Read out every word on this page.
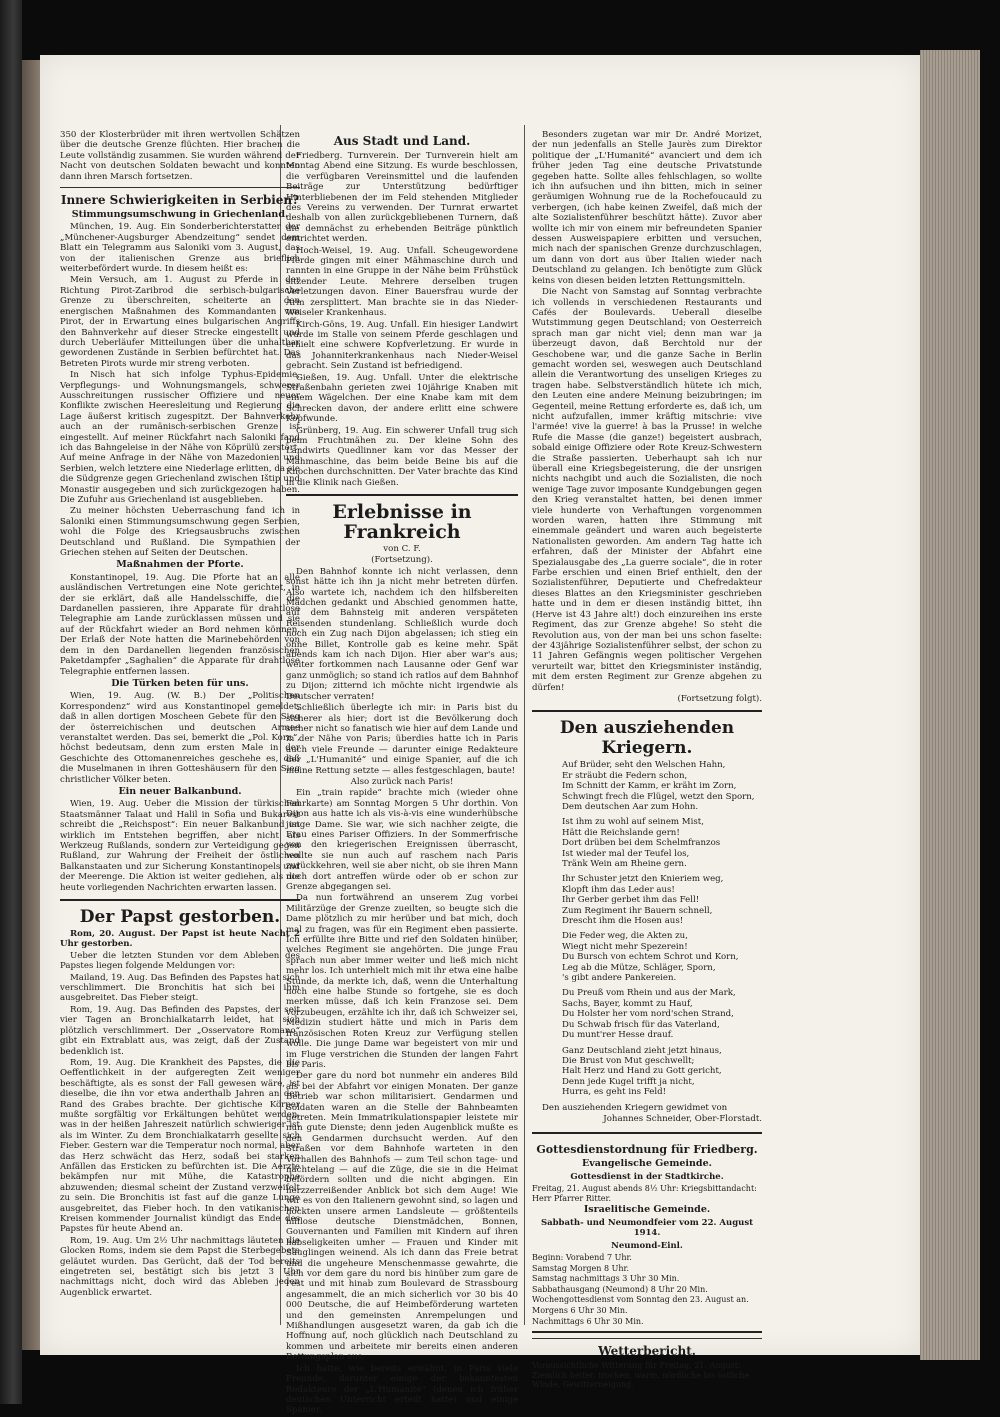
350 der Klosterbrüder mit ihren wertvollen Schätzen über die deutsche Grenze flüchten. Hier brachen die Leute vollständig zusammen. Sie wurden während der Nacht von deutschen Soldaten bewacht und konnten dann ihren Marsch fortsetzen.

Innere Schwierigkeiten in Serbien?
Stimmungsumschwung in Griechenland.

München, 19. Aug. Ein Sonderberichterstatter der „Münchener-Augsburger Abendzeitung“ sendet dem Blatt ein Telegramm aus Saloniki vom 3. August, das von der italienischen Grenze aus brieflich weiterbefördert wurde. In diesem heißt es:

Mein Versuch, am 1. August zu Pferde in der Richtung Pirot-Zaribrod die serbisch-bulgarische Grenze zu überschreiten, scheiterte an den energischen Maßnahmen des Kommandanten von Pirot, der in Erwartung eines bulgarischen Angriffs den Bahnverkehr auf dieser Strecke eingestellt und durch Ueberläufer Mitteilungen über die unhaltbar gewordenen Zustände in Serbien befürchtet hat. Das Betreten Pirots wurde mir streng verboten.

In Nisch hat sich infolge Typhus-Epidemie, Verpflegungs- und Wohnungsmangels, schwerer Ausschreitungen russischer Offiziere und neuer Konflikte zwischen Heeresleitung und Regierung die Lage äußerst kritisch zugespitzt. Der Bahnverkehr auch an der rumänisch-serbischen Grenze ist eingestellt. Auf meiner Rückfahrt nach Saloniki fand ich das Bahngeleise in der Nähe von Köprülü zerstört. Auf meine Anfrage in der Nähe von Mazedonien und Serbien, welch letztere eine Niederlage erlitten, da sie die Südgrenze gegen Griechenland zwischen Ištip und Monastir ausgegeben und sich zurückgezogen haben. Die Zufuhr aus Griechenland ist ausgeblieben.

Zu meiner höchsten Ueberraschung fand ich in Saloniki einen Stimmungsumschwung gegen Serbien, wohl die Folge des Kriegsausbruchs zwischen Deutschland und Rußland. Die Sympathien der Griechen stehen auf Seiten der Deutschen.

Maßnahmen der Pforte.

Konstantinopel, 19. Aug. Die Pforte hat an alle ausländischen Vertretungen eine Note gerichtet, in der sie erklärt, daß alle Handelsschiffe, die die Dardanellen passieren, ihre Apparate für drahtlose Telegraphie am Lande zurücklassen müssen und sie auf der Rückfahrt wieder an Bord nehmen können. Der Erlaß der Note hatten die Marinebehörden von dem in den Dardanellen liegenden französischen Paketdampfer „Saghalien“ die Apparate für drahtlose Telegraphie entfernen lassen.

Die Türken beten für uns.

Wien, 19. Aug. (W. B.) Der „Politischen Korrespondenz“ wird aus Konstantinopel gemeldet, daß in allen dortigen Moscheen Gebete für den Sieg der österreichischen und deutschen Armee veranstaltet werden. Das sei, bemerkt die „Pol. Korr.“, höchst bedeutsam, denn zum ersten Male in der Geschichte des Ottomanenreiches geschehe es, daß die Muselmanen in ihren Gotteshäusern für den Sieg christlicher Völker beten.

Ein neuer Balkanbund.

Wien, 19. Aug. Ueber die Mission der türkischen Staatsmänner Talaat und Halil in Sofia und Bukarest schreibt die „Reichspost“: Ein neuer Balkanbund ist wirklich im Entstehen begriffen, aber nicht als Werkzeug Rußlands, sondern zur Verteidigung gegen Rußland, zur Wahrung der Freiheit der östlichen Balkanstaaten und zur Sicherung Konstantinopels und der Meerenge. Die Aktion ist weiter gediehen, als die heute vorliegenden Nachrichten erwarten lassen.

Der Papst gestorben.

Rom, 20. August. Der Papst ist heute Nacht 2 Uhr gestorben.

Ueber die letzten Stunden vor dem Ableben des Papstes liegen folgende Meldungen vor:

Mailand, 19. Aug. Das Befinden des Papstes hat sich verschlimmert. Die Bronchitis hat sich bei ihm ausgebreitet. Das Fieber steigt.

Rom, 19. Aug. Das Befinden des Papstes, der seit vier Tagen an Bronchialkatarrh leidet, hat sich plötzlich verschlimmert. Der „Osservatore Romano“ gibt ein Extrablatt aus, was zeigt, daß der Zustand bedenklich ist.

Rom, 19. Aug. Die Krankheit des Papstes, die die Oeffentlichkeit in der aufgeregten Zeit weniger beschäftigte, als es sonst der Fall gewesen wäre, ist dieselbe, die ihn vor etwa anderthalb Jahren an den Rand des Grabes brachte. Der gichtische Körper mußte sorgfältig vor Erkältungen behütet werden, was in der heißen Jahreszeit natürlich schwieriger ist als im Winter. Zu dem Bronchialkatarrh gesellte sich Fieber. Gestern war die Temperatur noch normal, aber das Herz schwächt das Herz, sodaß bei starken Anfällen das Ersticken zu befürchten ist. Die Aerzte bekämpfen nur mit Mühe, die Katastrophe abzuwenden; diesmal scheint der Zustand verzweifelt zu sein. Die Bronchitis ist fast auf die ganze Lunge ausgebreitet, das Fieber hoch. In den vatikanischen Kreisen kommender Journalist kündigt das Ende des Papstes für heute Abend an.

Rom, 19. Aug. Um 2½ Uhr nachmittags läuteten die Glocken Roms, indem sie dem Papst die Sterbegebete geläutet wurden. Das Gerücht, daß der Tod bereits eingetreten sei, bestätigt sich bis jetzt 3 Uhr nachmittags nicht, doch wird das Ableben jeden Augenblick erwartet.

Aus Stadt und Land.

Friedberg. Turnverein. Der Turnverein hielt am Montag Abend eine Sitzung. Es wurde beschlossen, die verfügbaren Vereinsmittel und die laufenden Beiträge zur Unterstützung bedürftiger Hinterbliebenen der im Feld stehenden Mitglieder des Vereins zu verwenden. Der Turnrat erwartet deshalb von allen zurückgebliebenen Turnern, daß die demnächst zu erhebenden Beiträge pünktlich entrichtet werden.

Hoch-Weisel, 19. Aug. Unfall. Scheugewordene Pferde gingen mit einer Mähmaschine durch und rannten in eine Gruppe in der Nähe beim Frühstück sitzender Leute. Mehrere derselben trugen Verletzungen davon. Einer Bauersfrau wurde der Arm zersplittert. Man brachte sie in das Nieder-Weiseler Krankenhaus.

Kirch-Göns, 19. Aug. Unfall. Ein hiesiger Landwirt wurde im Stalle von seinem Pferde geschlagen und erhielt eine schwere Kopfverletzung. Er wurde in das Johanniterkrankenhaus nach Nieder-Weisel gebracht. Sein Zustand ist befriedigend.

Gießen, 19. Aug. Unfall. Unter die elektrische Straßenbahn gerieten zwei 10jährige Knaben mit einem Wägelchen. Der eine Knabe kam mit dem Schrecken davon, der andere erlitt eine schwere Kopfwunde.

Grünberg, 19. Aug. Ein schwerer Unfall trug sich beim Fruchtmähen zu. Der kleine Sohn des Landwirts Quedlinner kam vor das Messer der Mähmaschine, das beim beide Beine bis auf die Knochen durchschnitten. Der Vater brachte das Kind in die Klinik nach Gießen.

Erlebnisse in Frankreich

von C. F.

(Fortsetzung).

Den Bahnhof konnte ich nicht verlassen, denn sonst hätte ich ihn ja nicht mehr betreten dürfen. Also wartete ich, nachdem ich den hilfsbereiten Mädchen gedankt und Abschied genommen hatte, auf dem Bahnsteig mit anderen verspäteten Reisenden stundenlang. Schließlich wurde doch noch ein Zug nach Dijon abgelassen; ich stieg ein ohne Billet, Kontrolle gab es keine mehr. Spät abends kam ich nach Dijon. Hier aber war's aus; weiter fortkommen nach Lausanne oder Genf war ganz unmöglich; so stand ich ratlos auf dem Bahnhof zu Dijon; zitternd ich möchte nicht irgendwie als Deutscher verraten!

Schließlich überlegte ich mir: in Paris bist du sicherer als hier; dort ist die Bevölkerung doch sicher nicht so fanatisch wie hier auf dem Lande und in der Nähe von Paris; überdies hatte ich in Paris auch viele Freunde — darunter einige Redakteure der „L'Humanité“ und einige Spanier, auf die ich meine Rettung setzte — alles festgeschlagen, baute!

Also zurück nach Paris!

Ein „train rapide“ brachte mich (wieder ohne Fahrkarte) am Sonntag Morgen 5 Uhr dorthin. Von Dijon aus hatte ich als vis-à-vis eine wunderhübsche junge Dame. Sie war, wie sich nachher zeigte, die Frau eines Pariser Offiziers. In der Sommerfrische von den kriegerischen Ereignissen überrascht, wollte sie nun auch auf raschem nach Paris zurückkehren, weil sie aber nicht, ob sie ihren Mann noch dort antreffen würde oder ob er schon zur Grenze abgegangen sei.

Da nun fortwährend an unserem Zug vorbei Militärzüge der Grenze zueilten, so beugte sich die Dame plötzlich zu mir herüber und bat mich, doch mal zu fragen, was für ein Regiment eben passierte. Ich erfüllte ihre Bitte und rief den Soldaten hinüber, welches Regiment sie angehörten. Die junge Frau sprach nun aber immer weiter und ließ mich nicht mehr los. Ich unterhielt mich mit ihr etwa eine halbe Stunde, da merkte ich, daß, wenn die Unterhaltung noch eine halbe Stunde so fortgehe, sie es doch merken müsse, daß ich kein Franzose sei. Dem vorzubeugen, erzählte ich ihr, daß ich Schweizer sei, Medizin studiert hätte und mich in Paris dem französischen Roten Kreuz zur Verfügung stellen wolle. Die junge Dame war begeistert von mir und im Fluge verstrichen die Stunden der langen Fahrt bis Paris.

Der gare du nord bot nunmehr ein anderes Bild als bei der Abfahrt vor einigen Monaten. Der ganze Betrieb war schon militarisiert. Gendarmen und Soldaten waren an die Stelle der Bahnbeamten getreten. Mein Immatrikulationspapier leistete mir nun gute Dienste; denn jeden Augenblick mußte es den Gendarmen durchsucht werden. Auf den Straßen vor dem Bahnhofe warteten in den Vorhallen des Bahnhofs — zum Teil schon tage- und nächtelang — auf die Züge, die sie in die Heimat befördern sollten und die nicht abgingen. Ein herzzerreißender Anblick bot sich dem Auge! Wie wir es von den Italienern gewohnt sind, so lagen und hockten unsere armen Landsleute — größtenteils hilflose deutsche Dienstmädchen, Bonnen, Gouvernanten und Familien mit Kindern auf ihren habseligkeiten umher — Frauen und Kinder mit Säuglingen weinend. Als ich dann das Freie betrat und die ungeheure Menschenmasse gewahrte, die sich vor dem gare du nord bis hinüber zum gare de l'est und mit hinab zum Boulevard de Strassbourg angesammelt, die an mich sicherlich vor 30 bis 40 000 Deutsche, die auf Heimbeförderung warteten und den gemeinsten Anrempelungen und Mißhandlungen ausgesetzt waren, da gab ich die Hoffnung auf, noch glücklich nach Deutschland zu kommen und arbeitete mir bereits einen anderen Rettungsplan aus.

Ich hatte, wie bereits erwähnt, in Paris viele Freunde, darunter einige der bekanntesten Redakteure der „L'Humanité“ (denen ich früher deutschen Unterricht erteilt hatte) und einige Spanier.

Besonders zugetan war mir Dr. André Morizet, der nun jedenfalls an Stelle Jaurès zum Direktor politique der „L'Humanité“ avanciert und dem ich früher jeden Tag eine deutsche Privatstunde gegeben hatte. Sollte alles fehlschlagen, so wollte ich ihn aufsuchen und ihn bitten, mich in seiner geräumigen Wohnung rue de la Rochefoucauld zu verbergen, (ich habe keinen Zweifel, daß mich der alte Sozialistenführer beschützt hätte). Zuvor aber wollte ich mir von einem mir befreundeten Spanier dessen Ausweispapiere erbitten und versuchen, mich nach der spanischen Grenze durchzuschlagen, um dann von dort aus über Italien wieder nach Deutschland zu gelangen. Ich benötigte zum Glück keins von diesen beiden letzten Rettungsmitteln.

Die Nacht von Samstag auf Sonntag verbrachte ich vollends in verschiedenen Restaurants und Cafés der Boulevards. Ueberall dieselbe Wutstimmung gegen Deutschland; von Oesterreich sprach man gar nicht viel; denn man war ja überzeugt davon, daß Berchtold nur der Geschobene war, und die ganze Sache in Berlin gemacht worden sei, weswegen auch Deutschland allein die Verantwortung des unseligen Krieges zu tragen habe. Selbstverständlich hütete ich mich, den Leuten eine andere Meinung beizubringen; im Gegenteil, meine Rettung erforderte es, daß ich, um nicht aufzufallen, immer kräftig mitschrie: vive l'armée! vive la guerre! à bas la Prusse! in welche Rufe die Masse (die ganze!) begeistert ausbrach, sobald einige Offiziere oder Rote Kreuz-Schwestern die Straße passierten. Ueberhaupt sah ich nur überall eine Kriegsbegeisterung, die der unsrigen nichts nachgibt und auch die Sozialisten, die noch wenige Tage zuvor imposante Kundgebungen gegen den Krieg veranstaltet hatten, bei denen immer viele hunderte von Verhaftungen vorgenommen worden waren, hatten ihre Stimmung mit einemmale geändert und waren auch begeisterte Nationalisten geworden. Am andern Tag hatte ich erfahren, daß der Minister der Abfahrt eine Spezialausgabe des „La guerre sociale“, die in roter Farbe erschien und einen Brief enthielt, den der Sozialistenführer, Deputierte und Chefredakteur dieses Blattes an den Kriegsminister geschrieben hatte und in dem er diesen inständig bittet, ihn (Herve ist 43 Jahre alt!) doch einzureihen ins erste Regiment, das zur Grenze abgehe! So steht die Revolution aus, von der man bei uns schon faselte: der 43jährige Sozialistenführer selbst, der schon zu 11 Jahren Gefängnis wegen politischer Vergehen verurteilt war, bittet den Kriegsminister inständig, mit dem ersten Regiment zur Grenze abgehen zu dürfen!

(Fortsetzung folgt).

Den ausziehenden Kriegern.

Auf Brüder, seht den Welschen Hahn,

Er sträubt die Federn schon,

Im Schnitt der Kamm, er kräht im Zorn,

Schwingt frech die Flügel, wetzt den Sporn,

Dem deutschen Aar zum Hohn.

Ist ihm zu wohl auf seinem Mist,

Hätt die Reichslande gern!

Dort drüben bei dem Schelmfranzos

Ist wieder mal der Teufel los,

Tränk Wein am Rheine gern.

Ihr Schuster jetzt den Knieriem weg,

Klopft ihm das Leder aus!

Ihr Gerber gerbet ihm das Fell!

Zum Regiment ihr Bauern schnell,

Drescht ihm die Hosen aus!

Die Feder weg, die Akten zu,

Wiegt nicht mehr Spezerein!

Du Bursch von echtem Schrot und Korn,

Leg ab die Mütze, Schläger, Sporn,

's gibt andere Pankereien.

Du Preuß vom Rhein und aus der Mark,

Sachs, Bayer, kommt zu Hauf,

Du Holster her vom nord'schen Strand,

Du Schwab frisch für das Vaterland,

Du munt'rer Hesse drauf.

Ganz Deutschland zieht jetzt hinaus,

Die Brust von Mut geschwellt;

Halt Herz und Hand zu Gott gericht,

Denn jede Kugel trifft ja nicht,

Hurra, es geht ins Feld!

Den ausziehenden Kriegern gewidmet von

Johannes Schneider, Ober-Florstadt.

Gottesdienstordnung für Friedberg.
Evangelische Gemeinde.
Gottesdienst in der Stadtkirche.

Freitag, 21. August abends 8½ Uhr: Kriegsbittandacht: Herr Pfarrer Ritter.

Israelitische Gemeinde.
Sabbath- und Neumondfeier vom 22. August 1914.
Neumond-Einl.

Beginn: Vorabend 7 Uhr.

Samstag Morgen 8 Uhr.

Samstag nachmittags 3 Uhr 30 Min.

Sabbathausgang (Neumond) 8 Uhr 20 Min.

Wochengottesdienst vom Sonntag den 23. August an.

Morgens 6 Uhr 30 Min.

Nachmittags 6 Uhr 30 Min.

Wetterbericht.

Voraussichtliche Witterung für Freitag, 21. August: Ziemlich heiter, trocken, warm, nördliche bis östliche Winde, Gewitterneigung.
